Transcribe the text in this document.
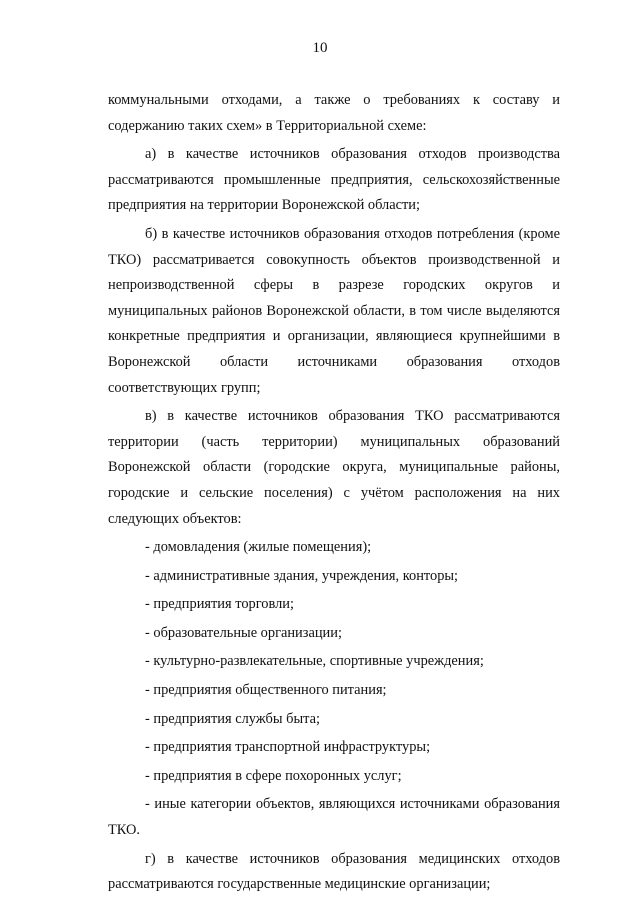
10

коммунальными отходами, а также о требованиях к составу и содержанию таких схем» в Территориальной схеме:

а) в качестве источников образования отходов производства рассматриваются промышленные предприятия, сельскохозяйственные предприятия на территории Воронежской области;

б) в качестве источников образования отходов потребления (кроме ТКО) рассматривается совокупность объектов производственной и непроизводственной сферы в разрезе городских округов и муниципальных районов Воронежской области, в том числе выделяются конкретные предприятия и организации, являющиеся крупнейшими в Воронежской области источниками образования отходов соответствующих групп;

в) в качестве источников образования ТКО рассматриваются территории (часть территории) муниципальных образований Воронежской области (городские округа, муниципальные районы, городские и сельские поселения) с учётом расположения на них следующих объектов:

- домовладения (жилые помещения);

- административные здания, учреждения, конторы;

- предприятия торговли;

- образовательные организации;

- культурно-развлекательные, спортивные учреждения;

- предприятия общественного питания;

- предприятия службы быта;

- предприятия транспортной инфраструктуры;

- предприятия в сфере похоронных услуг;

- иные категории объектов, являющихся источниками образования ТКО.

г) в качестве источников образования медицинских отходов рассматриваются государственные медицинские организации;
